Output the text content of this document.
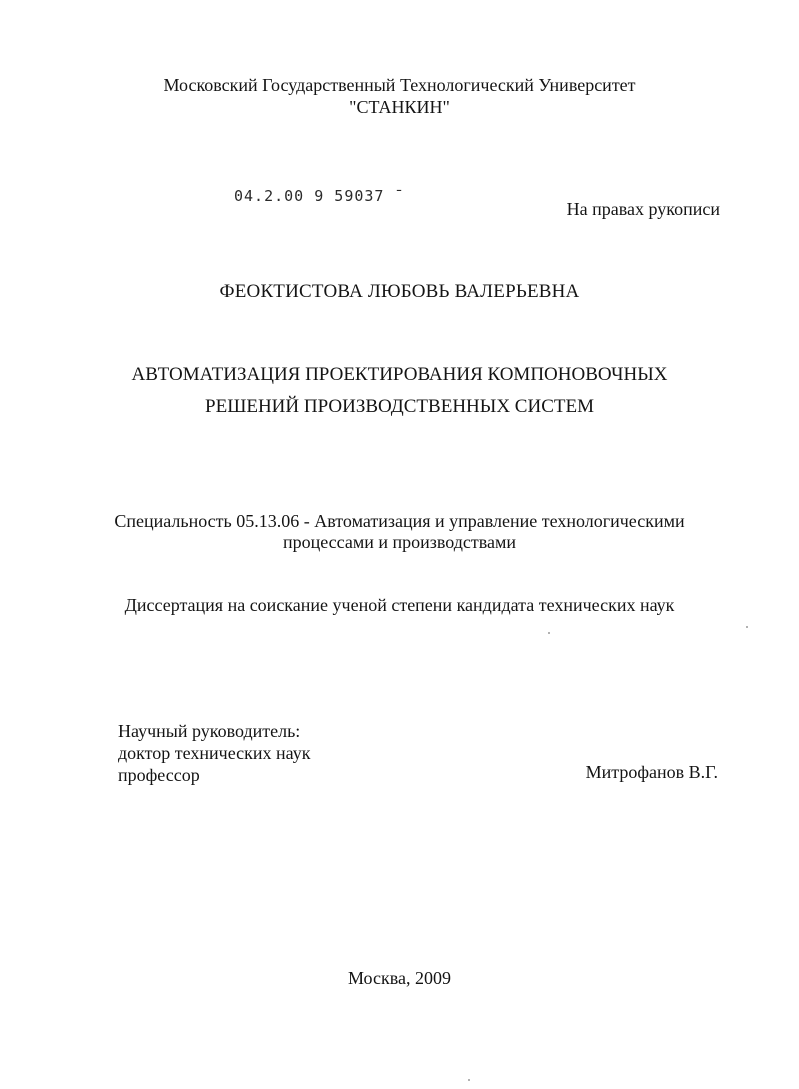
Московский Государственный Технологический Университет
"СТАНКИН"
04.2.00 9 59037 ¯
На правах рукописи
ФЕОКТИСТОВА ЛЮБОВЬ ВАЛЕРЬЕВНА
АВТОМАТИЗАЦИЯ ПРОЕКТИРОВАНИЯ КОМПОНОВОЧНЫХ
РЕШЕНИЙ ПРОИЗВОДСТВЕННЫХ СИСТЕМ
Специальность 05.13.06 - Автоматизация и управление технологическими
процессами и производствами
Диссертация на соискание ученой степени кандидата технических наук
Научный руководитель:
доктор технических наук
профессор	Митрофанов В.Г.
Москва, 2009
